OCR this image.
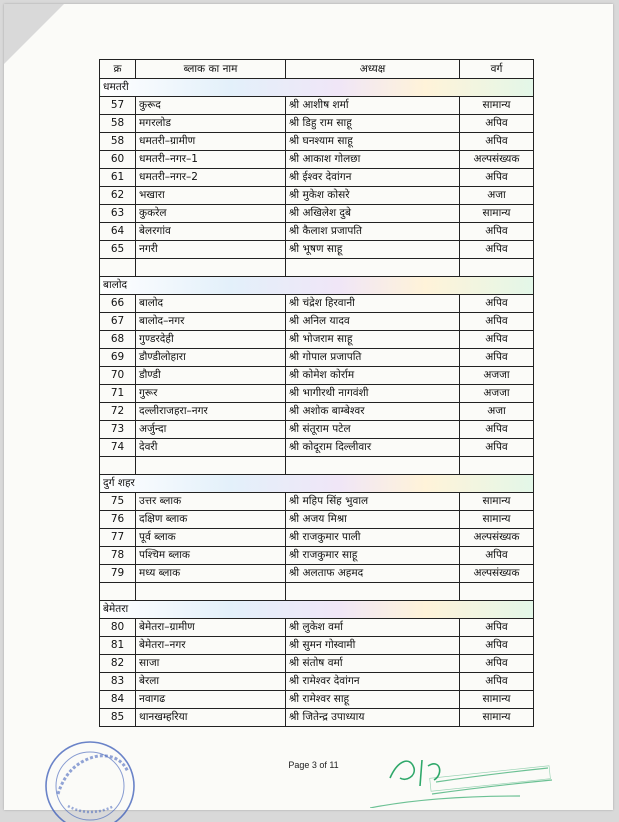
क्र	ब्लाक का नाम	अध्यक्ष	वर्ग
धमतरी			
57	कुरूद	श्री आशीष शर्मा	सामान्य
58	मगरलोड	श्री डिहु राम साहू	अपिव
58	धमतरी–ग्रामीण	श्री घनश्याम साहू	अपिव
60	धमतरी–नगर–1	श्री आकाश गोलछा	अल्पसंख्यक
61	धमतरी–नगर–2	श्री ईश्वर देवांगन	अपिव
62	भखारा	श्री मुकेश कोसरे	अजा
63	कुकरेल	श्री अखिलेश दुबे	सामान्य
64	बेलरगांव	श्री कैलाश प्रजापति	अपिव
65	नगरी	श्री भूषण साहू	अपिव

बालोद			
66	बालोद	श्री चंद्रेश हिरवानी	अपिव
67	बालोद–नगर	श्री अनिल यादव	अपिव
68	गुण्डरदेही	श्री भोजराम साहू	अपिव
69	डौण्डीलोहारा	श्री गोपाल प्रजापति	अपिव
70	डौण्डी	श्री कोमेश कोर्राम	अजजा
71	गुरूर	श्री भागीरथी नागवंशी	अजजा
72	दल्लीराजहरा–नगर	श्री अशोक बाम्बेश्वर	अजा
73	अर्जुन्दा	श्री संतूराम पटेल	अपिव
74	देवरी	श्री कोदूराम दिल्लीवार	अपिव

दुर्ग शहर			
75	उत्तर ब्लाक	श्री महिप सिंह भुवाल	सामान्य
76	दक्षिण ब्लाक	श्री अजय मिश्रा	सामान्य
77	पूर्व ब्लाक	श्री राजकुमार पाली	अल्पसंख्यक
78	पश्चिम ब्लाक	श्री राजकुमार साहू	अपिव
79	मध्य ब्लाक	श्री अलताफ अहमद	अल्पसंख्यक

बेमेतरा			
80	बेमेतरा–ग्रामीण	श्री लुकेश वर्मा	अपिव
81	बेमेतरा–नगर	श्री सुमन गोस्वामी	अपिव
82	साजा	श्री संतोष वर्मा	अपिव
83	बेरला	श्री रामेश्वर देवांगन	अपिव
84	नवागढ	श्री रामेश्वर साहू	सामान्य
85	थानखम्हरिया	श्री जितेन्द्र उपाध्याय	सामान्य
Page 3 of 11
